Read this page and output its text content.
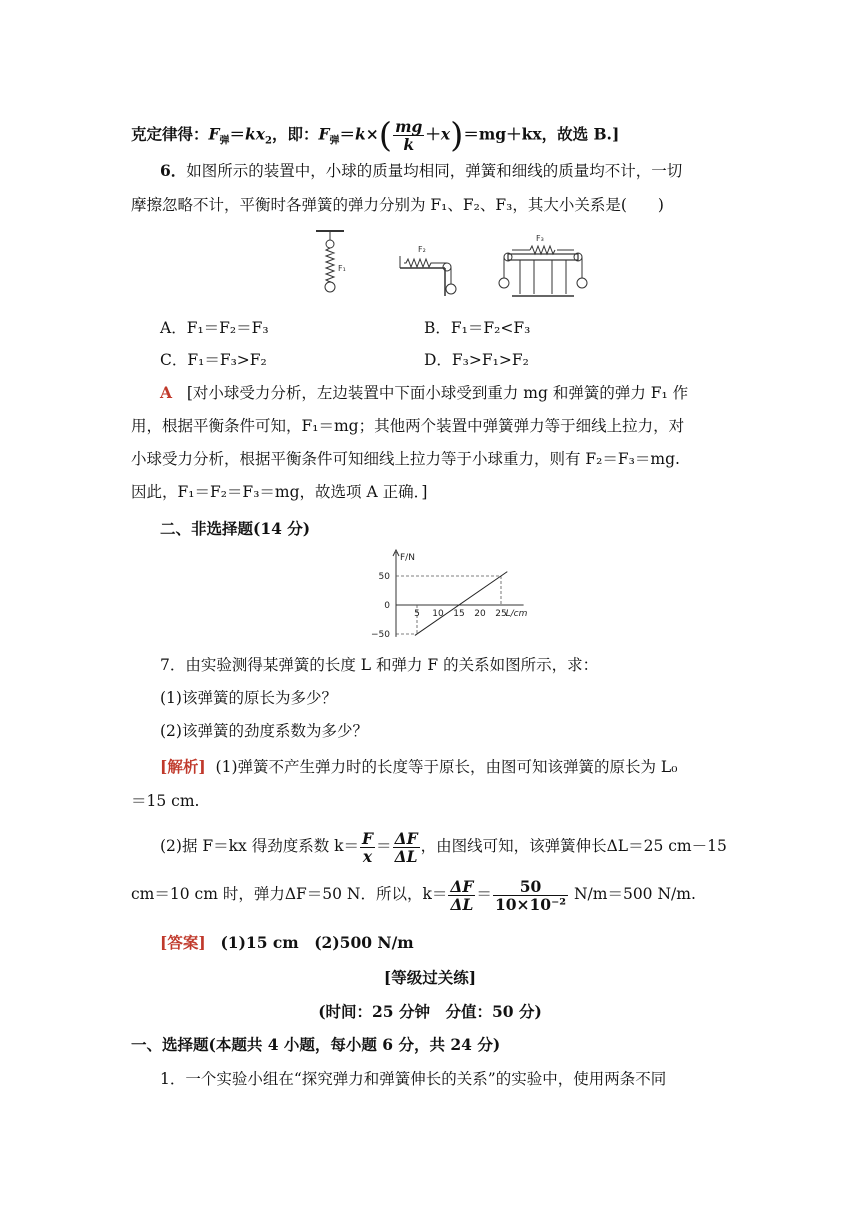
克定律得：$F_弹=kx_2$，即：$F_弹=k\times( \frac{mg}{k} +x)=mg+kx$，故选 B.]
6．如图所示的装置中，小球的质量均相同，弹簧和细线的质量均不计，一切
摩擦忽略不计，平衡时各弹簧的弹力分别为 F₁、F₂、F₃，其大小关系是(　　)
F₁
F₂
F₃
A．F₁＝F₂＝F₃	B．F₁＝F₂<F₃
C．F₁＝F₃>F₂	D．F₃>F₁>F₂
A [对小球受力分析，左边装置中下面小球受到重力 mg 和弹簧的弹力 F₁ 作
用，根据平衡条件可知，F₁＝mg；其他两个装置中弹簧弹力等于细线上拉力，对
小球受力分析，根据平衡条件可知细线上拉力等于小球重力，则有 F₂＝F₃＝mg.
因此，F₁＝F₂＝F₃＝mg，故选项 A 正确．]
二、非选择题(14 分)
F/N
L/cm
5 10 15 20 25
50
0
−50
7．由实验测得某弹簧的长度 L 和弹力 F 的关系如图所示，求：
(1)该弹簧的原长为多少？
(2)该弹簧的劲度系数为多少？
[解析] (1)弹簧不产生弹力时的长度等于原长，由图可知该弹簧的原长为 L₀
＝15 cm.
(2)据 F＝kx 得劲度系数 $k= \frac{F}{x} = \frac{\Delta F}{\Delta L}$ ，由图线可知，该弹簧伸长ΔL＝25 cm－15
cm＝10 cm 时，弹力ΔF＝50 N．所以，$k= \frac{\Delta F}{\Delta L} = \frac{50}{\text{10×10⁻²}} N/m=500$ N/m.
[答案] (1)15 cm　(2)500 N/m
[等级过关练]
(时间：25 分钟　分值：50 分)
一、选择题(本题共 4 小题，每小题 6 分，共 24 分)
1．一个实验小组在“探究弹力和弹簧伸长的关系”的实验中，使用两条不同
